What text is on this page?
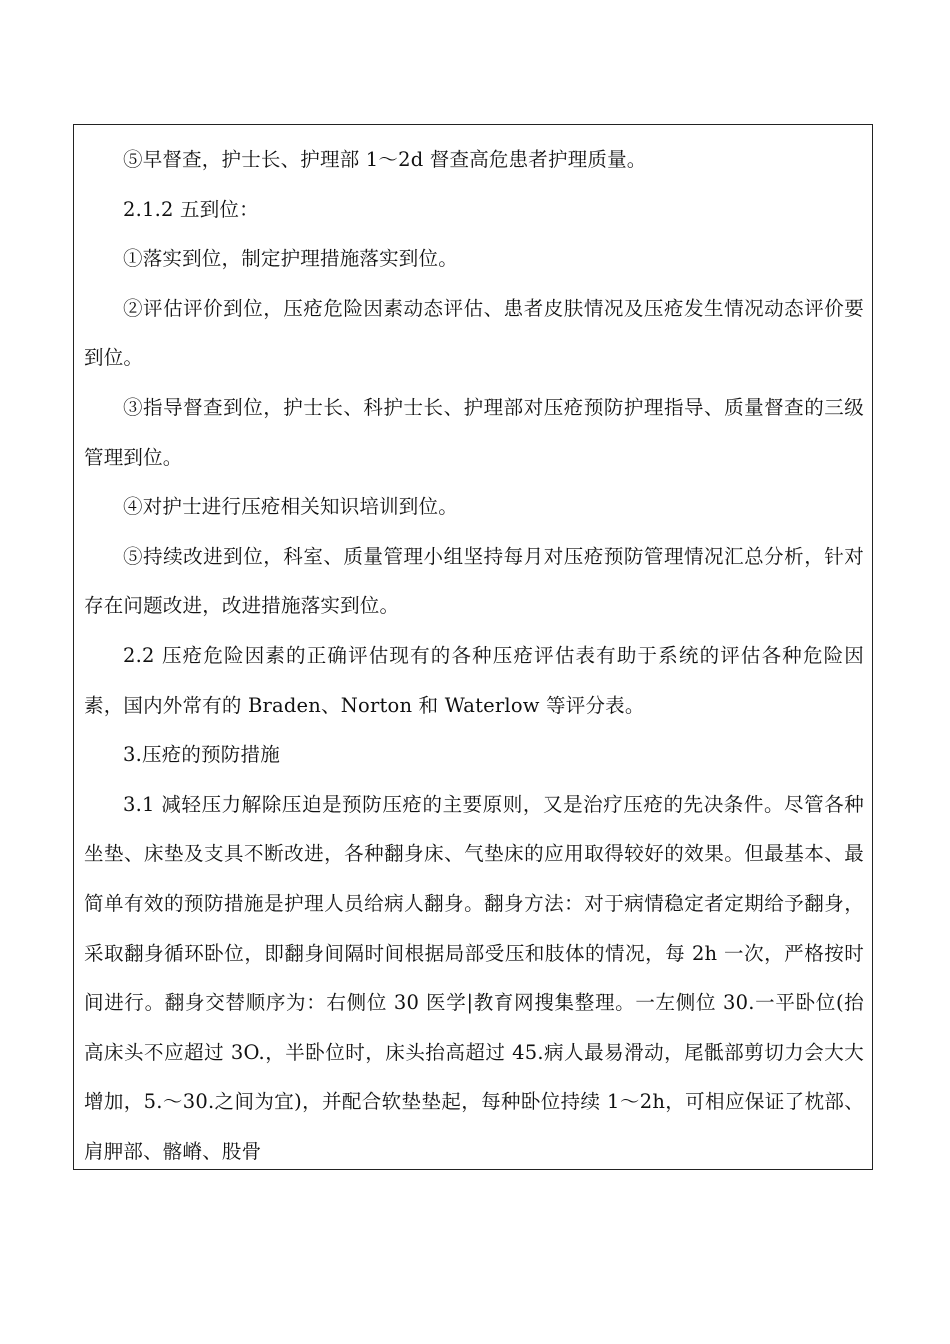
⑤早督查，护士长、护理部 1～2d 督查高危患者护理质量。

2.1.2 五到位：

①落实到位，制定护理措施落实到位。

②评估评价到位，压疮危险因素动态评估、患者皮肤情况及压疮发生情况动态评价要到位。

③指导督查到位，护士长、科护士长、护理部对压疮预防护理指导、质量督查的三级管理到位。

④对护士进行压疮相关知识培训到位。

⑤持续改进到位，科室、质量管理小组坚持每月对压疮预防管理情况汇总分析，针对存在问题改进，改进措施落实到位。

2.2 压疮危险因素的正确评估现有的各种压疮评估表有助于系统的评估各种危险因素，国内外常有的 Braden、Norton 和 Waterlow 等评分表。

3.压疮的预防措施

3.1 减轻压力解除压迫是预防压疮的主要原则，又是治疗压疮的先决条件。尽管各种坐垫、床垫及支具不断改进，各种翻身床、气垫床的应用取得较好的效果。但最基本、最简单有效的预防措施是护理人员给病人翻身。翻身方法：对于病情稳定者定期给予翻身，采取翻身循环卧位，即翻身间隔时间根据局部受压和肢体的情况，每 2h 一次，严格按时间进行。翻身交替顺序为：右侧位 30 医学|教育网搜集整理。一左侧位 30.一平卧位(抬高床头不应超过 3O.，半卧位时，床头抬高超过 45.病人最易滑动，尾骶部剪切力会大大增加，5.～30.之间为宜)，并配合软垫垫起，每种卧位持续 1～2h，可相应保证了枕部、肩胛部、髂嵴、股骨
